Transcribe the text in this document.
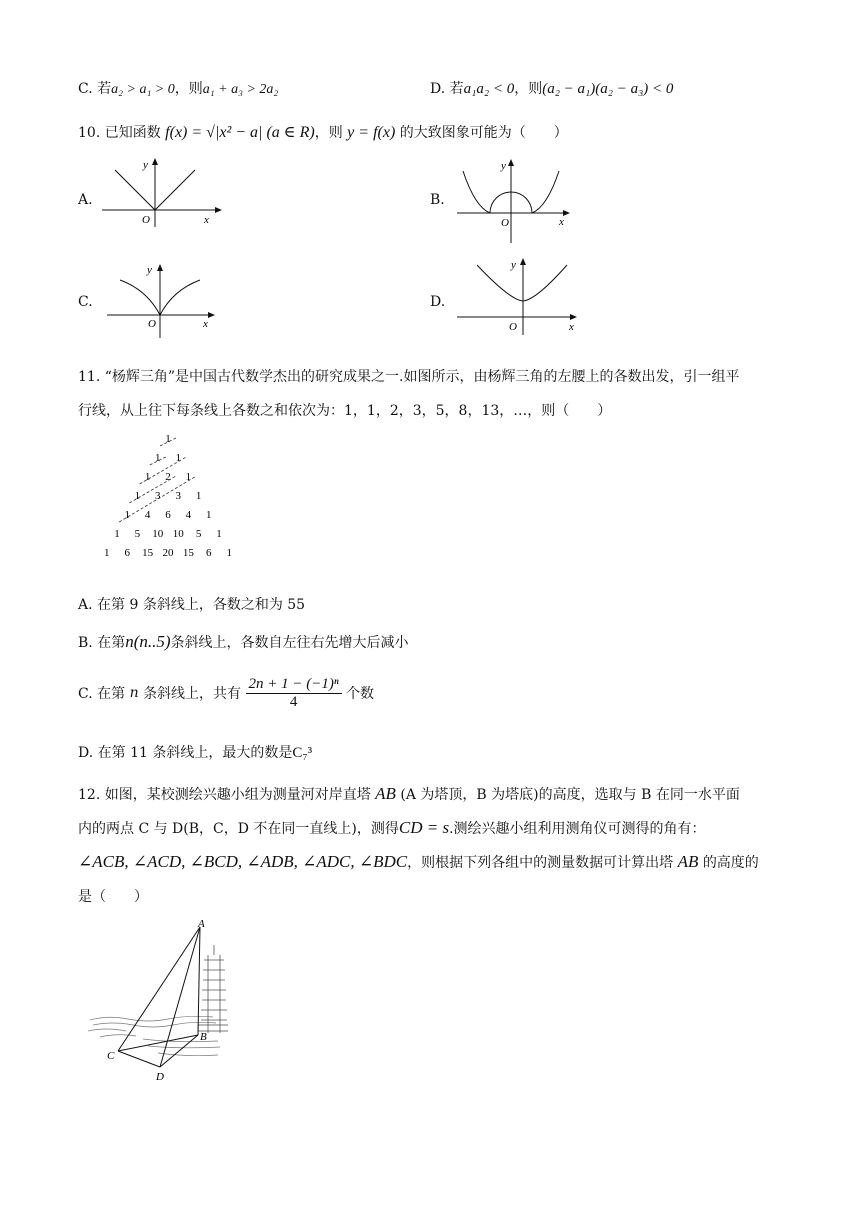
C. 若a₂ > a₁ > 0，则a₁ + a₃ > 2a₂	D. 若a₁a₂ < 0，则(a₂ − a₁)(a₂ − a₃) < 0
10. 已知函数 f(x) = √|x² − a| (a ∈ R)，则 y = f(x) 的大致图象可能为（　　）
A.	B.
C.	D.
y
O	x
y
O	x
y
O	x
y
O	x
11. “杨辉三角”是中国古代数学杰出的研究成果之一.如图所示，由杨辉三角的左腰上的各数出发，引一组平
行线，从上往下每条线上各数之和依次为：1，1，2，3，5，8，13，…，则（　　）
1
1 1
1 2 1
1 3 3 1
1 4 6 4 1
1 5 10 10 5 1
1 6 15 20 15 6 1
A. 在第 9 条斜线上，各数之和为 55
B. 在第n(n..5)条斜线上，各数自左往右先增大后减小
C. 在第 n 条斜线上，共有 $\frac{\text{2n + 1 − (−1)ⁿ}}{4}$ 个数
D. 在第 11 条斜线上，最大的数是C₇³
12. 如图，某校测绘兴趣小组为测量河对岸直塔 AB (A 为塔顶，B 为塔底)的高度，选取与 B 在同一水平面
内的两点 C 与 D(B，C，D 不在同一直线上)，测得CD = s.测绘兴趣小组利用测角仪可测得的角有：
∠ACB, ∠ACD, ∠BCD, ∠ADB, ∠ADC, ∠BDC，则根据下列各组中的测量数据可计算出塔 AB 的高度的
是（　　）
A
B
C
D
